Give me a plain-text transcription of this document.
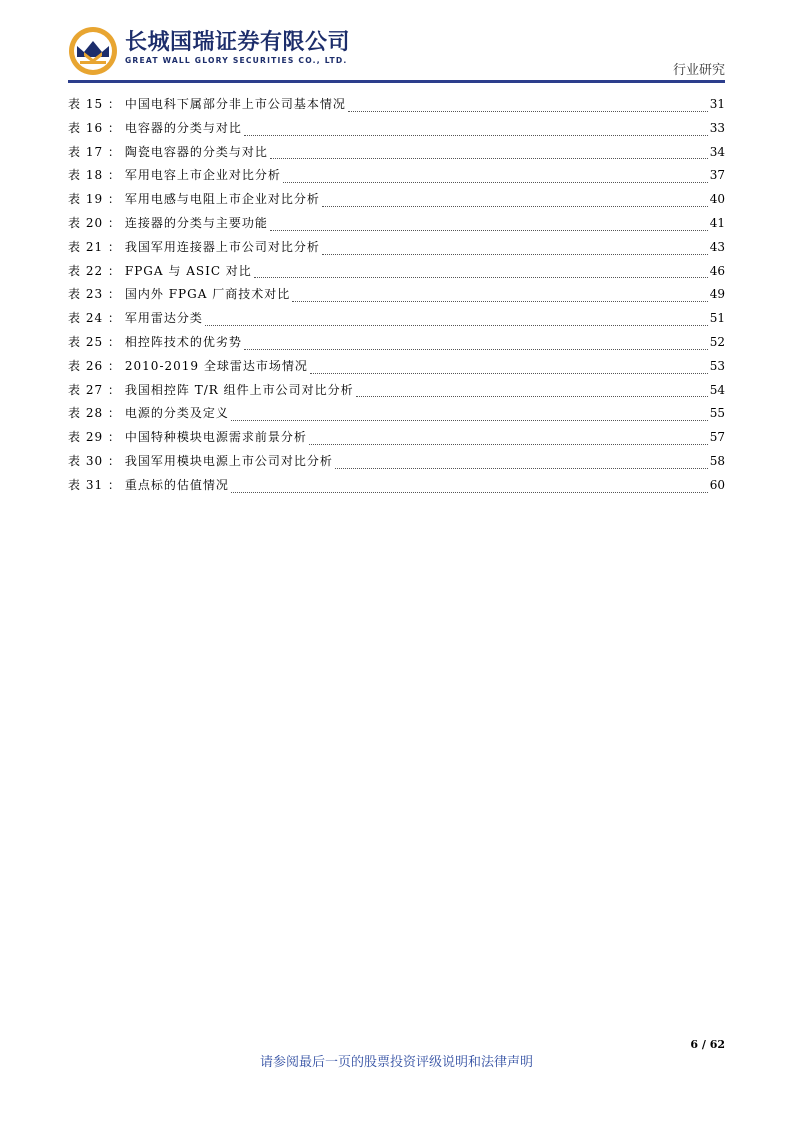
长城国瑞证券有限公司
GREAT WALL GLORY SECURITIES CO., LTD.
行业研究
表 15 ： 中国电科下属部分非上市公司基本情况	31
表 16 ： 电容器的分类与对比	33
表 17 ： 陶瓷电容器的分类与对比	34
表 18 ： 军用电容上市企业对比分析	37
表 19 ： 军用电感与电阻上市企业对比分析	40
表 20 ： 连接器的分类与主要功能	41
表 21 ： 我国军用连接器上市公司对比分析	43
表 22 ： FPGA 与 ASIC 对比	46
表 23 ： 国内外 FPGA 厂商技术对比	49
表 24 ： 军用雷达分类	51
表 25 ： 相控阵技术的优劣势	52
表 26 ： 2010-2019 全球雷达市场情况	53
表 27 ： 我国相控阵 T/R 组件上市公司对比分析	54
表 28 ： 电源的分类及定义	55
表 29 ： 中国特种模块电源需求前景分析	57
表 30 ： 我国军用模块电源上市公司对比分析	58
表 31 ： 重点标的估值情况	60
6 / 62
请参阅最后一页的股票投资评级说明和法律声明
